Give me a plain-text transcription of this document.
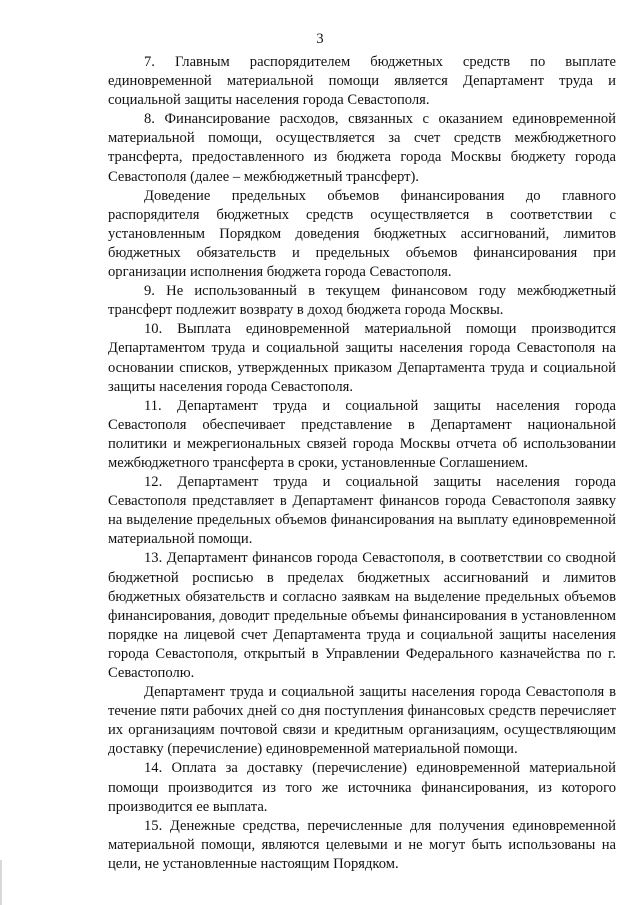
3

7. Главным распорядителем бюджетных средств по выплате единовременной материальной помощи является Департамент труда и социальной защиты населения города Севастополя.

8. Финансирование расходов, связанных с оказанием единовременной материальной помощи, осуществляется за счет средств межбюджетного трансферта, предоставленного из бюджета города Москвы бюджету города Севастополя (далее – межбюджетный трансферт).

Доведение предельных объемов финансирования до главного распорядителя бюджетных средств осуществляется в соответствии с установленным Порядком доведения бюджетных ассигнований, лимитов бюджетных обязательств и предельных объемов финансирования при организации исполнения бюджета города Севастополя.

9. Не использованный в текущем финансовом году межбюджетный трансферт подлежит возврату в доход бюджета города Москвы.

10. Выплата единовременной материальной помощи производится Департаментом труда и социальной защиты населения города Севастополя на основании списков, утвержденных приказом Департамента труда и социальной защиты населения города Севастополя.

11. Департамент труда и социальной защиты населения города Севастополя обеспечивает представление в Департамент национальной политики и межрегиональных связей города Москвы отчета об использовании межбюджетного трансферта в сроки, установленные Соглашением.

12. Департамент труда и социальной защиты населения города Севастополя представляет в Департамент финансов города Севастополя заявку на выделение предельных объемов финансирования на выплату единовременной материальной помощи.

13. Департамент финансов города Севастополя, в соответствии со сводной бюджетной росписью в пределах бюджетных ассигнований и лимитов бюджетных обязательств и согласно заявкам на выделение предельных объемов финансирования, доводит предельные объемы финансирования в установленном порядке на лицевой счет Департамента труда и социальной защиты населения города Севастополя, открытый в Управлении Федерального казначейства по г. Севастополю.

Департамент труда и социальной защиты населения города Севастополя в течение пяти рабочих дней со дня поступления финансовых средств перечисляет их организациям почтовой связи и кредитным организациям, осуществляющим доставку (перечисление) единовременной материальной помощи.

14. Оплата за доставку (перечисление) единовременной материальной помощи производится из того же источника финансирования, из которого производится ее выплата.

15. Денежные средства, перечисленные для получения единовременной материальной помощи, являются целевыми и не могут быть использованы на цели, не установленные настоящим Порядком.
